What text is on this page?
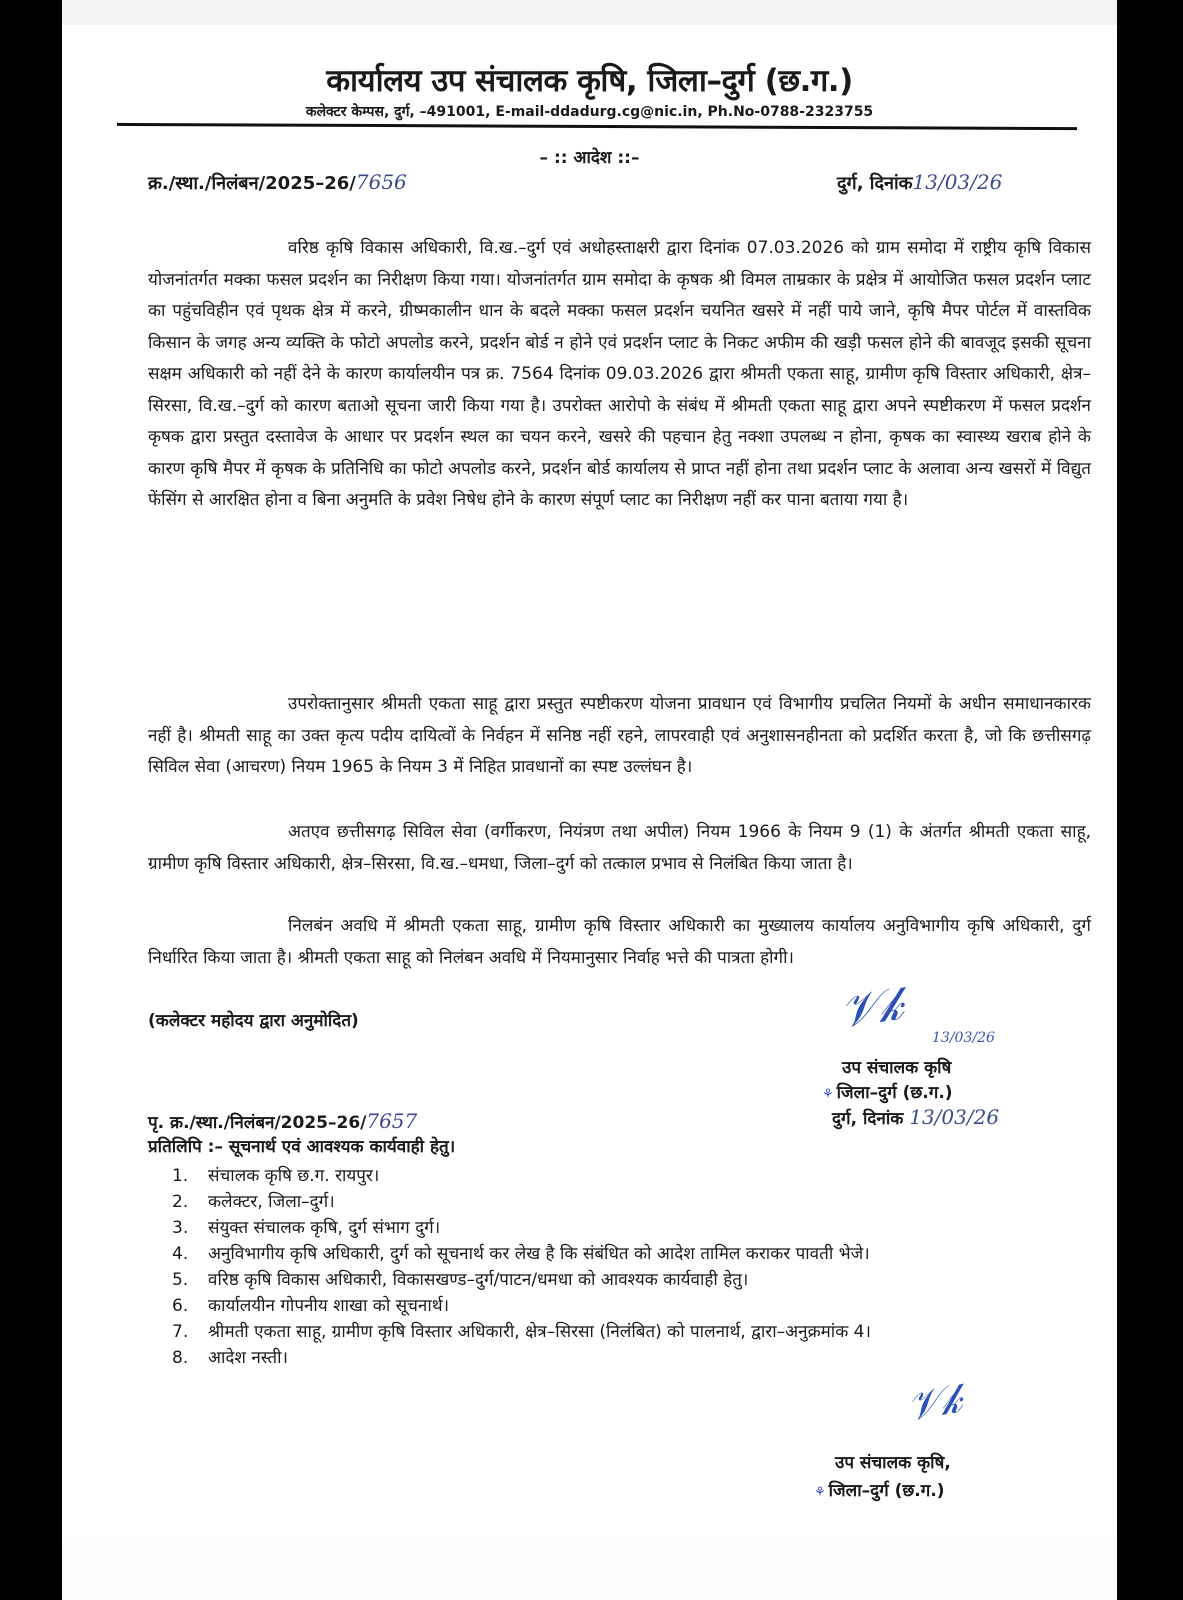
कार्यालय उप संचालक कृषि, जिला–दुर्ग (छ.ग.)
कलेक्टर केम्पस, दुर्ग, –491001, E-mail-ddadurg.cg@nic.in, Ph.No-0788-2323755
– :: आदेश ::–
क्र./स्था./निलंबन/2025–26/7656	दुर्ग, दिनांक13/03/26

वरिष्ठ कृषि विकास अधिकारी, वि.ख.–दुर्ग एवं अधोहस्ताक्षरी द्वारा दिनांक 07.03.2026 को ग्राम समोदा में राष्ट्रीय कृषि विकास योजनांतर्गत मक्का फसल प्रदर्शन का निरीक्षण किया गया। योजनांतर्गत ग्राम समोदा के कृषक श्री विमल ताम्रकार के प्रक्षेत्र में आयोजित फसल प्रदर्शन प्लाट का पहुंचविहीन एवं पृथक क्षेत्र में करने, ग्रीष्मकालीन धान के बदले मक्का फसल प्रदर्शन चयनित खसरे में नहीं पाये जाने, कृषि मैपर पोर्टल में वास्तविक किसान के जगह अन्य व्यक्ति के फोटो अपलोड करने, प्रदर्शन बोर्ड न होने एवं प्रदर्शन प्लाट के निकट अफीम की खड़ी फसल होने की बावजूद इसकी सूचना सक्षम अधिकारी को नहीं देने के कारण कार्यालयीन पत्र क्र. 7564 दिनांक 09.03.2026 द्वारा श्रीमती एकता साहू, ग्रामीण कृषि विस्तार अधिकारी, क्षेत्र–सिरसा, वि.ख.–दुर्ग को कारण बताओ सूचना जारी किया गया है। उपरोक्त आरोपो के संबंध में श्रीमती एकता साहू द्वारा अपने स्पष्टीकरण में फसल प्रदर्शन कृषक द्वारा प्रस्तुत दस्तावेज के आधार पर प्रदर्शन स्थल का चयन करने, खसरे की पहचान हेतु नक्शा उपलब्ध न होना, कृषक का स्वास्थ्य खराब होने के कारण कृषि मैपर में कृषक के प्रतिनिधि का फोटो अपलोड करने, प्रदर्शन बोर्ड कार्यालय से प्राप्त नहीं होना तथा प्रदर्शन प्लाट के अलावा अन्य खसरों में विद्युत फेंसिंग से आरक्षित होना व बिना अनुमति के प्रवेश निषेध होने के कारण संपूर्ण प्लाट का निरीक्षण नहीं कर पाना बताया गया है।

उपरोक्तानुसार श्रीमती एकता साहू द्वारा प्रस्तुत स्पष्टीकरण योजना प्रावधान एवं विभागीय प्रचलित नियमों के अधीन समाधानकारक नहीं है। श्रीमती साहू का उक्त कृत्य पदीय दायित्वों के निर्वहन में सनिष्ठ नहीं रहने, लापरवाही एवं अनुशासनहीनता को प्रदर्शित करता है, जो कि छत्तीसगढ़ सिविल सेवा (आचरण) नियम 1965 के नियम 3 में निहित प्रावधानों का स्पष्ट उल्लंघन है।

अतएव छत्तीसगढ़ सिविल सेवा (वर्गीकरण, नियंत्रण तथा अपील) नियम 1966 के नियम 9 (1) के अंतर्गत श्रीमती एकता साहू, ग्रामीण कृषि विस्तार अधिकारी, क्षेत्र–सिरसा, वि.ख.–धमधा, जिला–दुर्ग को तत्काल प्रभाव से निलंबित किया जाता है।

निलबंन अवधि में श्रीमती एकता साहू, ग्रामीण कृषि विस्तार अधिकारी का मुख्यालय कार्यालय अनुविभागीय कृषि अधिकारी, दुर्ग निर्धारित किया जाता है। श्रीमती एकता साहू को निलंबन अवधि में नियमानुसार निर्वाह भत्ते की पात्रता होगी।

(कलेक्टर महोदय द्वारा अनुमोदित)	𝒱𝓀 13/03/26
उप संचालक कृषि
⚘ जिला–दुर्ग (छ.ग.)
दुर्ग, दिनांक 13/03/26
पृ. क्र./स्था./निलंबन/2025–26/7657
प्रतिलिपि :– सूचनार्थ एवं आवश्यक कार्यवाही हेतु।
1.	संचालक कृषि छ.ग. रायपुर।
2.	कलेक्टर, जिला–दुर्ग।
3.	संयुक्त संचालक कृषि, दुर्ग संभाग दुर्ग।
4.	अनुविभागीय कृषि अधिकारी, दुर्ग को सूचनार्थ कर लेख है कि संबंधित को आदेश तामिल कराकर पावती भेजे।
5.	वरिष्ठ कृषि विकास अधिकारी, विकासखण्ड–दुर्ग/पाटन/धमधा को आवश्यक कार्यवाही हेतु।
6.	कार्यालयीन गोपनीय शाखा को सूचनार्थ।
7.	श्रीमती एकता साहू, ग्रामीण कृषि विस्तार अधिकारी, क्षेत्र–सिरसा (निलंबित) को पालनार्थ, द्वारा–अनुक्रमांक 4।
8.	आदेश नस्ती।
𝒱𝓀
उप संचालक कृषि,
⚘ जिला–दुर्ग (छ.ग.)
